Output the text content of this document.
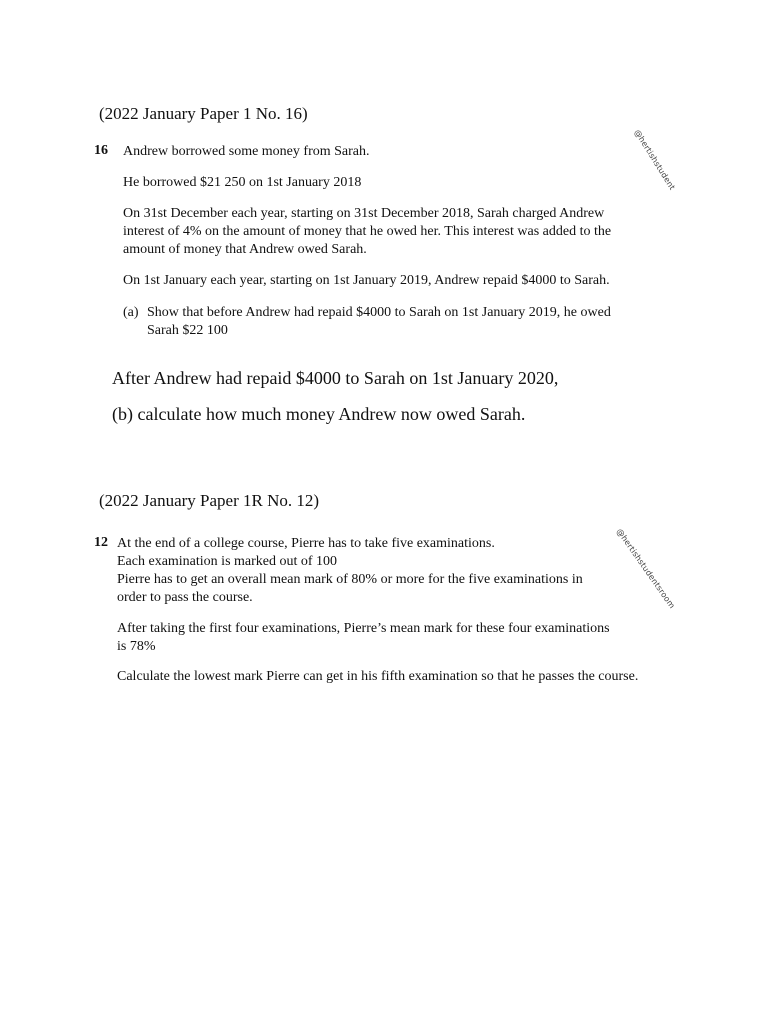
(2022 January Paper 1 No. 16)

16 Andrew borrowed some money from Sarah.

He borrowed $21 250 on 1st January 2018

On 31st December each year, starting on 31st December 2018, Sarah charged Andrew

interest of 4% on the amount of money that he owed her. This interest was added to the

amount of money that Andrew owed Sarah.

On 1st January each year, starting on 1st January 2019, Andrew repaid $4000 to Sarah.

(a) Show that before Andrew had repaid $4000 to Sarah on 1st January 2019, he owed

Sarah $22 100

After Andrew had repaid $4000 to Sarah on 1st January 2020,

(b) calculate how much money Andrew now owed Sarah.

@hertishstudent

(2022 January Paper 1R No. 12)

12 At the end of a college course, Pierre has to take five examinations.

Each examination is marked out of 100

Pierre has to get an overall mean mark of 80% or more for the five examinations in

order to pass the course.

After taking the first four examinations, Pierre’s mean mark for these four examinations

is 78%

Calculate the lowest mark Pierre can get in his fifth examination so that he passes the course.

@hertishstudentsroom
